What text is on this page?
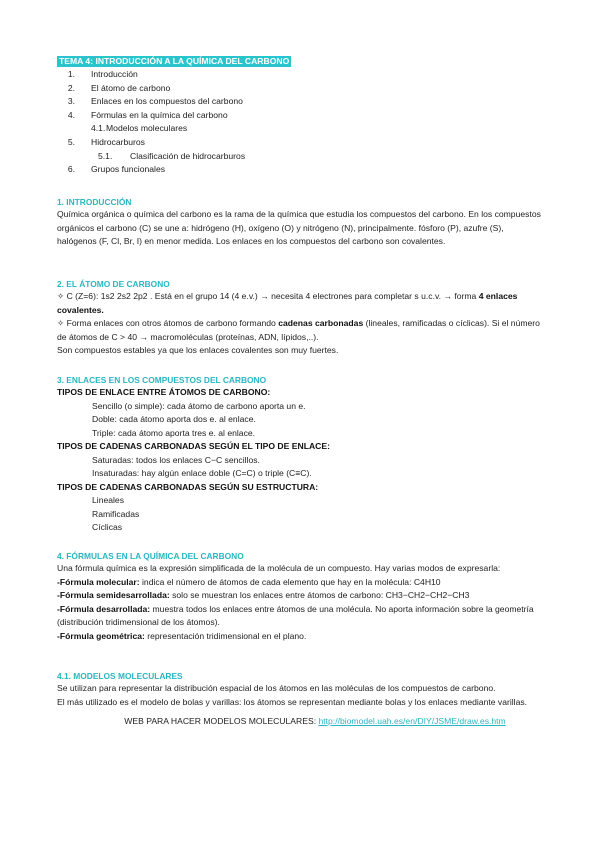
TEMA 4: INTRODUCCIÓN A LA QUÍMICA DEL CARBONO
1. Introducción
2. El átomo de carbono
3. Enlaces en los compuestos del carbono
4. Fórmulas en la química del carbono
4.1. Modelos moleculares
5. Hidrocarburos
5.1.	Clasificación de hidrocarburos
6. Grupos funcionales
1. INTRODUCCIÓN

Química orgánica o química del carbono es la rama de la química que estudia los compuestos del carbono. En los compuestos orgánicos el carbono (C) se une a: hidrógeno (H), oxígeno (O) y nitrógeno (N), principalmente. fósforo (P), azufre (S), halógenos (F, Cl, Br, I) en menor medida. Los enlaces en los compuestos del carbono son covalentes.

2. EL ÁTOMO DE CARBONO

✧ C (Z=6): 1s2 2s2 2p2 . Está en el grupo 14 (4 e.v.) → necesita 4 electrones para completar s u.c.v. → forma 4 enlaces covalentes.

✧ Forma enlaces con otros átomos de carbono formando cadenas carbonadas (lineales, ramificadas o cíclicas). Si el número de átomos de C > 40 → macromoléculas (proteínas, ADN, lípidos,..).

Son compuestos estables ya que los enlaces covalentes son muy fuertes.

3. ENLACES EN LOS COMPUESTOS DEL CARBONO

TIPOS DE ENLACE ENTRE ÁTOMOS DE CARBONO:

Sencillo (o simple): cada átomo de carbono aporta un e.

Doble: cada átomo aporta dos e. al enlace.

Triple: cada átomo aporta tres e. al enlace.

TIPOS DE CADENAS CARBONADAS SEGÚN EL TIPO DE ENLACE:

Saturadas: todos los enlaces C−C sencillos.

Insaturadas: hay algún enlace doble (C=C) o triple (C≡C).

TIPOS DE CADENAS CARBONADAS SEGÚN SU ESTRUCTURA:

Lineales

Ramificadas

Cíclicas

4. FÓRMULAS EN LA QUÍMICA DEL CARBONO

Una fórmula química es la expresión simplificada de la molécula de un compuesto. Hay varias modos de expresarla:

-Fórmula molecular: indica el número de átomos de cada elemento que hay en la molécula: C4H10

-Fórmula semidesarrollada: solo se muestran los enlaces entre átomos de carbono: CH3−CH2−CH2−CH3

-Fórmula desarrollada: muestra todos los enlaces entre átomos de una molécula. No aporta información sobre la geometría (distribución tridimensional de los átomos).

-Fórmula geométrica: representación tridimensional en el plano.

4.1. MODELOS MOLECULARES

Se utilizan para representar la distribución espacial de los átomos en las moléculas de los compuestos de carbono.

El más utilizado es el modelo de bolas y varillas: los átomos se representan mediante bolas y los enlaces mediante varillas.

WEB PARA HACER MODELOS MOLECULARES: http://biomodel.uah.es/en/DIY/JSME/draw.es.htm
